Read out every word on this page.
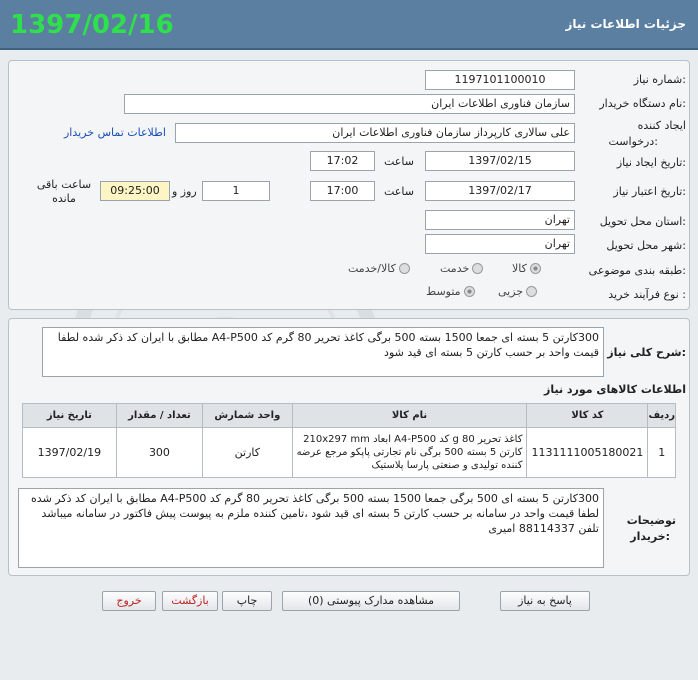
1397/02/16	جزئیات اطلاعات نیاز
شماره نیاز:
1197101100010
نام دستگاه خریدار:
سازمان فناوری اطلاعات ایران
ایجاد کننده
درخواست:
علی سالاری کارپرداز سازمان فناوری اطلاعات ایران
اطلاعات تماس خریدار
تاریخ ایجاد نیاز:
1397/02/15
ساعت
17:02
تاریخ اعتبار نیاز:
1397/02/17
ساعت
17:00
1
روز و
09:25:00
ساعت باقی مانده
استان محل تحویل:
تهران
شهر محل تحویل:
تهران
طبقه بندی موضوعی:
کالا
خدمت
کالا/خدمت
نوع فرآیند خرید :
جزیی
متوسط
شرح کلی نیاز:
300کارتن 5 بسته ای جمعا 1500 بسته 500 برگی کاغذ تحریر 80 گرم کد A4-P500 مطابق با ایران کد ذکر شده لطفا قیمت واحد بر حسب کارتن 5 بسته ای قید شود
اطلاعات کالاهای مورد نیاز
ردیف	کد کالا	نام کالا	واحد شمارش	تعداد / مقدار	تاریخ نیاز
1	1131111005180021	کاغذ تحریر 80 g کد A4-P500 ابعاد 210x297 mm کارتن 5 بسته 500 برگی نام تجارتی پاپکو مرجع عرضه کننده تولیدی و صنعتی پارسا پلاستیک	کارتن	300	1397/02/19
توضیحات
خریدار:
300کارتن 5 بسته ای 500 برگی جمعا 1500 بسته 500 برگی کاغذ تحریر 80 گرم کد A4-P500 مطابق با ایران کد ذکر شده لطفا قیمت واحد در سامانه بر حسب کارتن 5 بسته ای قید شود ،تامین کننده ملزم به پیوست پیش فاکتور در سامانه میباشد تلفن 88114337 امیری
پاسخ به نیاز
مشاهده مدارک پیوستی (0)
چاپ
بازگشت
خروج
